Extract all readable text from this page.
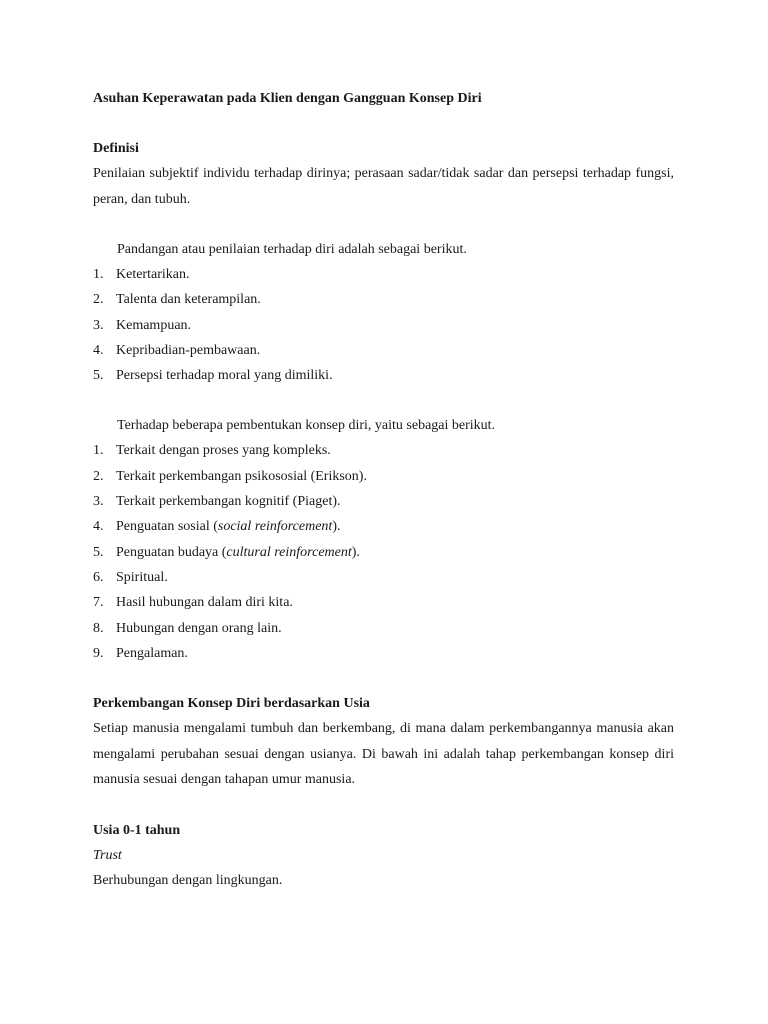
Asuhan Keperawatan pada Klien dengan Gangguan Konsep Diri
Definisi
Penilaian subjektif individu terhadap dirinya; perasaan sadar/tidak sadar dan persepsi terhadap fungsi, peran, dan tubuh.
Pandangan atau penilaian terhadap diri adalah sebagai berikut.
1. Ketertarikan.
2. Talenta dan keterampilan.
3. Kemampuan.
4. Kepribadian-pembawaan.
5. Persepsi terhadap moral yang dimiliki.
Terhadap beberapa pembentukan konsep diri, yaitu sebagai berikut.
1. Terkait dengan proses yang kompleks.
2. Terkait perkembangan psikososial (Erikson).
3. Terkait perkembangan kognitif (Piaget).
4. Penguatan sosial (social reinforcement).
5. Penguatan budaya (cultural reinforcement).
6. Spiritual.
7. Hasil hubungan dalam diri kita.
8. Hubungan dengan orang lain.
9. Pengalaman.
Perkembangan Konsep Diri berdasarkan Usia
Setiap manusia mengalami tumbuh dan berkembang, di mana dalam perkembangannya manusia akan mengalami perubahan sesuai dengan usianya. Di bawah ini adalah tahap perkembangan konsep diri manusia sesuai dengan tahapan umur manusia.
Usia 0-1 tahun
Trust
Berhubungan dengan lingkungan.
